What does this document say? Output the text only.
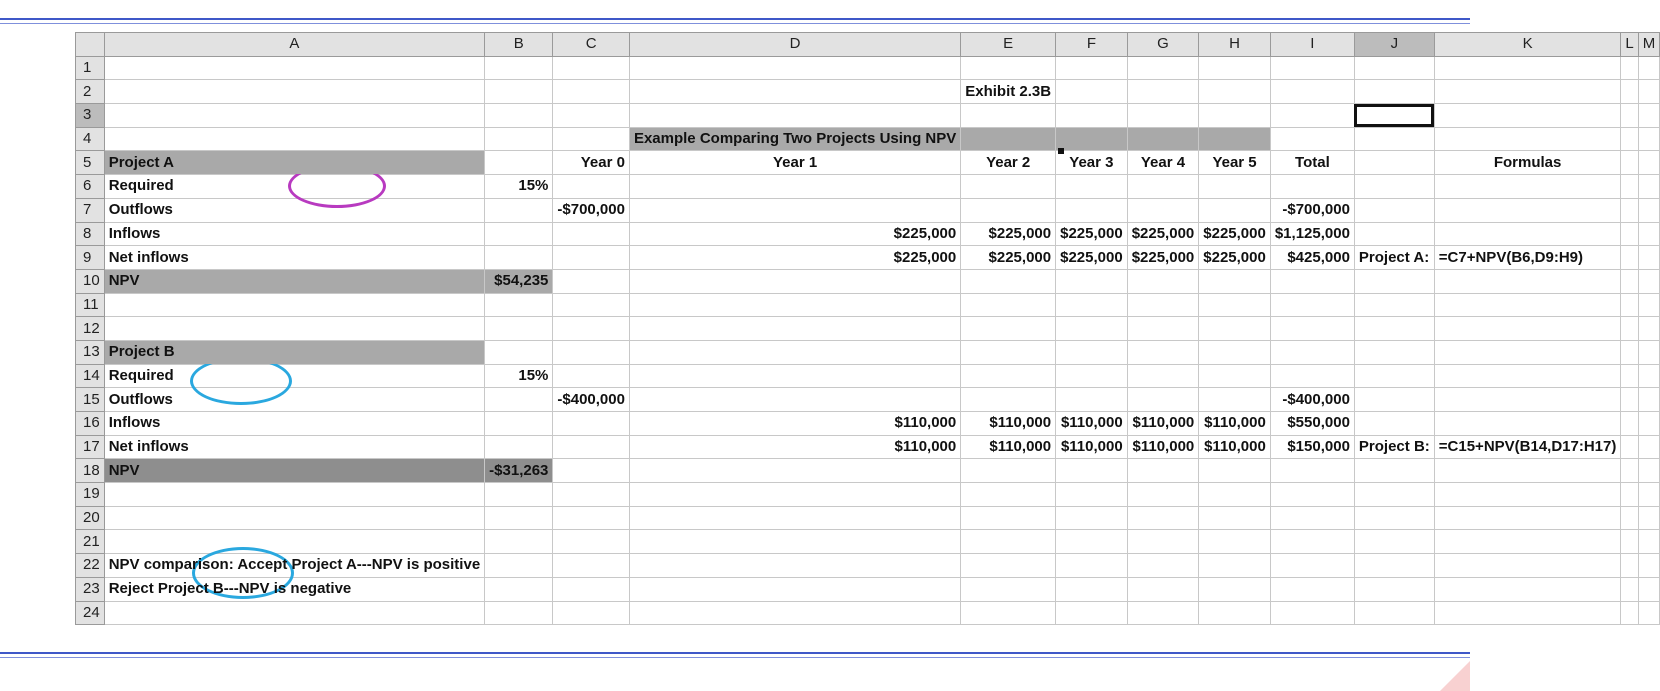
	A	B	C	D	E	F	G	H	I	J	K	L	M
1													
2					Exhibit 2.3B								
3													
4				Example Comparing Two Projects Using NPV									
5	Project A		Year 0	Year 1	Year 2	Year 3	Year 4	Year 5	Total		Formulas		
6	Required	15%											
7	Outflows		-$700,000						-$700,000				
8	Inflows			$225,000	$225,000	$225,000	$225,000	$225,000	$1,125,000				
9	Net inflows			$225,000	$225,000	$225,000	$225,000	$225,000	$425,000	Project A:	=C7+NPV(B6,D9:H9)		
10	NPV	$54,235											
11													
12													
13	Project B												
14	Required	15%											
15	Outflows		-$400,000						-$400,000				
16	Inflows			$110,000	$110,000	$110,000	$110,000	$110,000	$550,000				
17	Net inflows			$110,000	$110,000	$110,000	$110,000	$110,000	$150,000	Project B:	=C15+NPV(B14,D17:H17)		
18	NPV	-$31,263											
19													
20													
21													
22	NPV comparison: Accept Project A---NPV is positive												
23	Reject Project B---NPV is negative												
24													
